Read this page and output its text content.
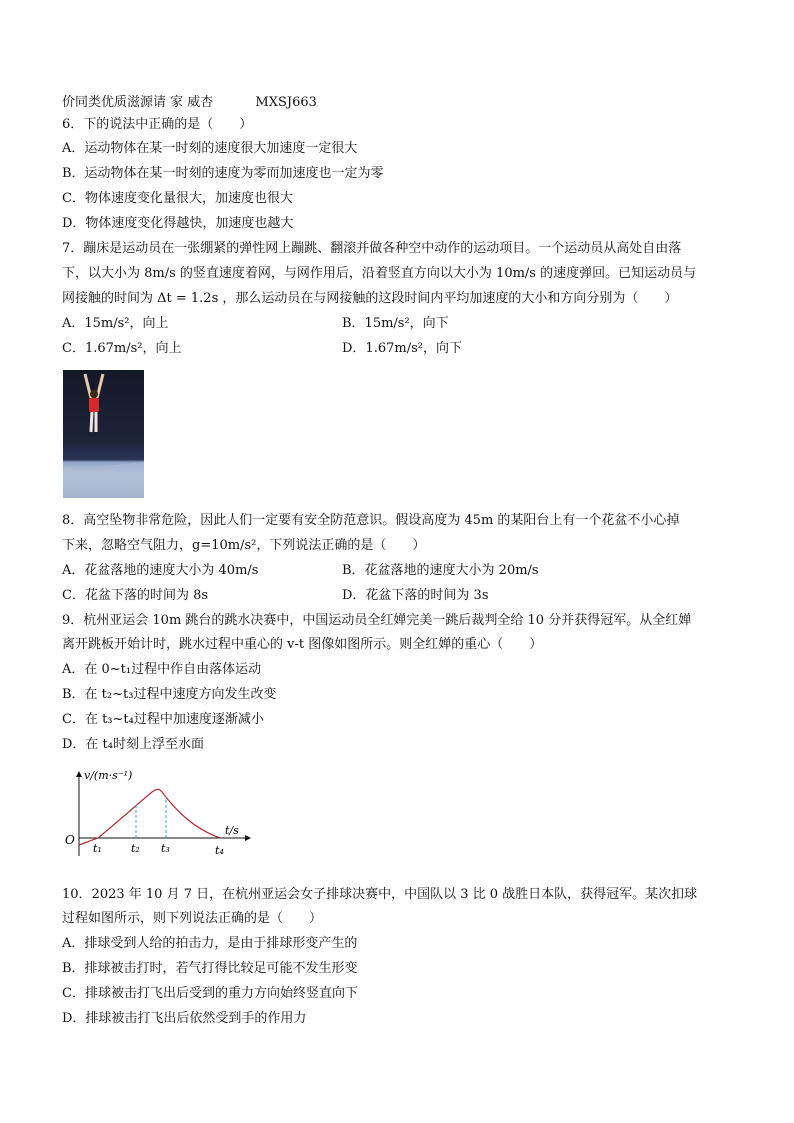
价同类优质滋源请 家 威杏	MXSJ663
6．下的说法中正确的是（　　）
A．运动物体在某一时刻的速度很大加速度一定很大
B．运动物体在某一时刻的速度为零而加速度也一定为零
C．物体速度变化量很大，加速度也很大
D．物体速度变化得越快，加速度也越大
7．蹦床是运动员在一张绷紧的弹性网上蹦跳、翻滚并做各种空中动作的运动项目。一个运动员从高处自由落
下，以大小为 8m/s 的竖直速度着网，与网作用后，沿着竖直方向以大小为 10m/s 的速度弹回。已知运动员与
网接触的时间为 Δt = 1.2s ，那么运动员在与网接触的这段时间内平均加速度的大小和方向分别为（　　）
A．15m/s²，向上	B．15m/s²，向下
C．1.67m/s²，向上	D．1.67m/s²，向下
8．高空坠物非常危险，因此人们一定要有安全防范意识。假设高度为 45m 的某阳台上有一个花盆不小心掉
下来，忽略空气阻力，g=10m/s²，下列说法正确的是（　　）
A．花盆落地的速度大小为 40m/s	B．花盆落地的速度大小为 20m/s
C．花盆下落的时间为 8s	D．花盆下落的时间为 3s
9．杭州亚运会 10m 跳台的跳水决赛中，中国运动员全红婵完美一跳后裁判全给 10 分并获得冠军。从全红婵
离开跳板开始计时，跳水过程中重心的 v-t 图像如图所示。则全红婵的重心（　　）
A．在 0~t₁过程中作自由落体运动
B．在 t₂~t₃过程中速度方向发生改变
C．在 t₃~t₄过程中加速度逐渐减小
D．在 t₄时刻上浮至水面
v/(m·s⁻¹)
t/s
O
t₁	t₂ t₃	t₄
10．2023 年 10 月 7 日，在杭州亚运会女子排球决赛中，中国队以 3 比 0 战胜日本队，获得冠军。某次扣球
过程如图所示，则下列说法正确的是（　　）
A．排球受到人给的拍击力，是由于排球形变产生的
B．排球被击打时，若气打得比较足可能不发生形变
C．排球被击打飞出后受到的重力方向始终竖直向下
D．排球被击打飞出后依然受到手的作用力
